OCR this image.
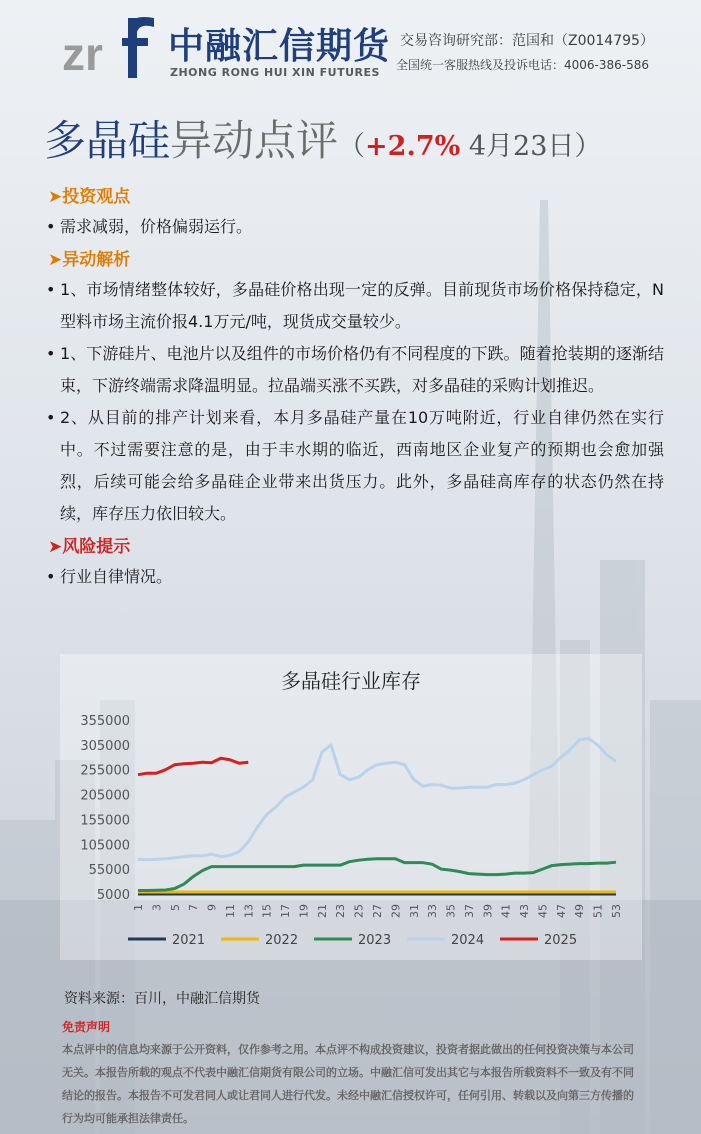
zr 中融汇信期货
ZHONG RONG HUI XIN FUTURES
交易咨询研究部：范国和（Z0014795）
全国统一客服热线及投诉电话：4006-386-586
多晶硅异动点评（+2.7% 4月23日）
➤投资观点
• 需求减弱，价格偏弱运行。
➤异动解析
• 1、市场情绪整体较好，多晶硅价格出现一定的反弹。目前现货市场价格保持稳定，N型料市场主流价报4.1万元/吨，现货成交量较少。
• 1、下游硅片、电池片以及组件的市场价格仍有不同程度的下跌。随着抢装期的逐渐结束，下游终端需求降温明显。拉晶端买涨不买跌，对多晶硅的采购计划推迟。
• 2、从目前的排产计划来看，本月多晶硅产量在10万吨附近，行业自律仍然在实行中。不过需要注意的是，由于丰水期的临近，西南地区企业复产的预期也会愈加强烈，后续可能会给多晶硅企业带来出货压力。此外，多晶硅高库存的状态仍然在持续，库存压力依旧较大。
➤风险提示
• 行业自律情况。
多晶硅行业库存
5000
55000
105000
155000
205000
255000
305000
355000
1 3 5 7 9 11 13 15 17 19 21 23 25 27 29 31 33 35 37 39 41 43 45 47 49 51 53
2021	2022	2023	2024	2025
资料来源：百川，中融汇信期货
免责声明
本点评中的信息均来源于公开资料，仅作参考之用。本点评不构成投资建议，投资者据此做出的任何投资决策与本公司无关。本报告所载的观点不代表中融汇信期货有限公司的立场。中融汇信可发出其它与本报告所载资料不一致及有不同结论的报告。本报告不可发君同人或让君同人进行代发。未经中融汇信授权许可，任何引用、转载以及向第三方传播的行为均可能承担法律责任。
